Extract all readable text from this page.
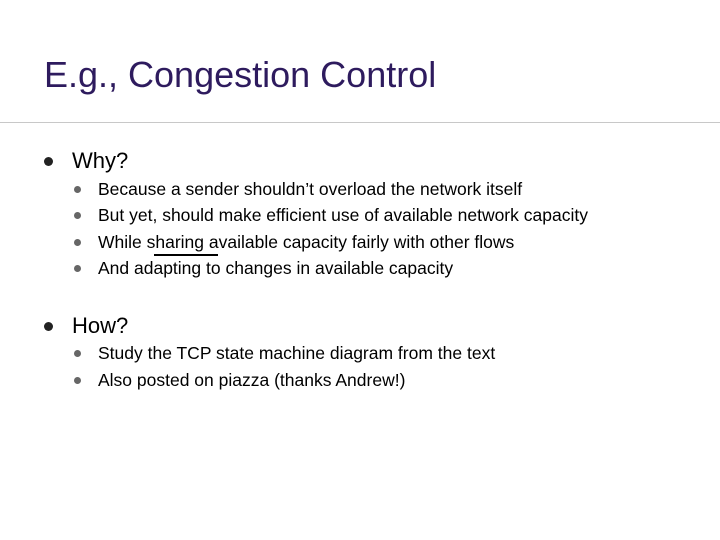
E.g., Congestion Control
Why?
Because a sender shouldn’t overload the network itself
But yet, should make efficient use of available network capacity
While sharing available capacity fairly with other flows
And adapting to changes in available capacity
How?
Study the TCP state machine diagram from the text
Also posted on piazza (thanks Andrew!)
